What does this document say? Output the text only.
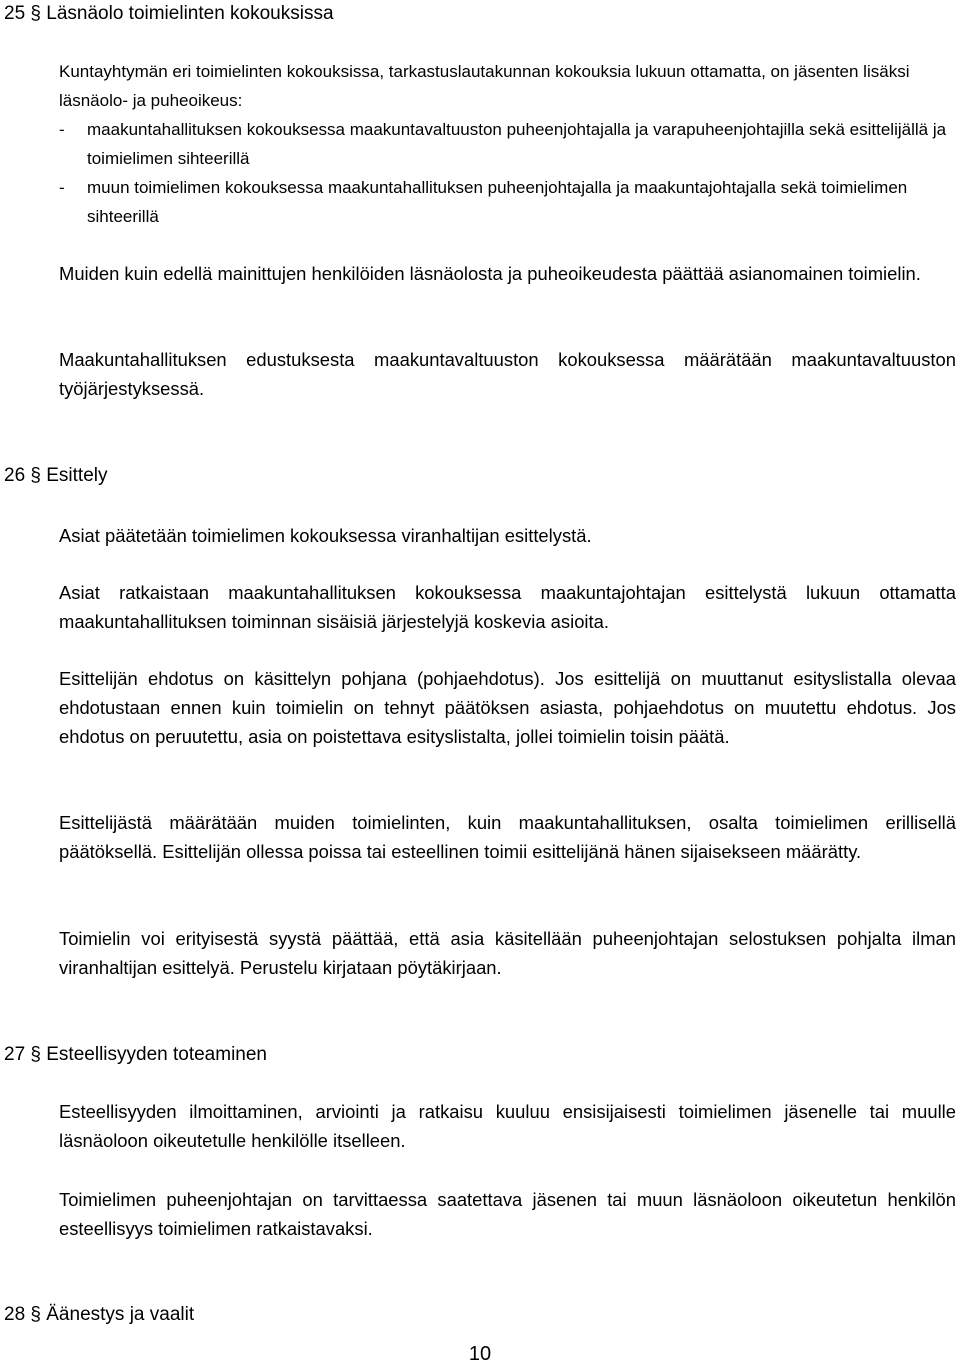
25 § Läsnäolo toimielinten kokouksissa
Kuntayhtymän eri toimielinten kokouksissa, tarkastuslautakunnan kokouksia lukuun ottamatta, on jäsenten lisäksi läsnäolo- ja puheoikeus:
- maakuntahallituksen kokouksessa maakuntavaltuuston puheenjohtajalla ja varapuheenjohtajilla sekä esittelijällä ja toimielimen sihteerillä
- muun toimielimen kokouksessa maakuntahallituksen puheenjohtajalla ja maakuntajohtajalla sekä toimielimen sihteerillä
Muiden kuin edellä mainittujen henkilöiden läsnäolosta ja puheoikeudesta päättää asianomainen toimielin.
Maakuntahallituksen edustuksesta maakuntavaltuuston kokouksessa määrätään maakuntavaltuuston työjärjestyksessä.
26 § Esittely
Asiat päätetään toimielimen kokouksessa viranhaltijan esittelystä.
Asiat ratkaistaan maakuntahallituksen kokouksessa maakuntajohtajan esittelystä lukuun ottamatta maakuntahallituksen toiminnan sisäisiä järjestelyjä koskevia asioita.
Esittelijän ehdotus on käsittelyn pohjana (pohjaehdotus). Jos esittelijä on muuttanut esityslistalla olevaa ehdotustaan ennen kuin toimielin on tehnyt päätöksen asiasta, pohjaehdotus on muutettu ehdotus. Jos ehdotus on peruutettu, asia on poistettava esityslistalta, jollei toimielin toisin päätä.
Esittelijästä määrätään muiden toimielinten, kuin maakuntahallituksen, osalta toimielimen erillisellä päätöksellä. Esittelijän ollessa poissa tai esteellinen toimii esittelijänä hänen sijaisekseen määrätty.
Toimielin voi erityisestä syystä päättää, että asia käsitellään puheenjohtajan selostuksen pohjalta ilman viranhaltijan esittelyä. Perustelu kirjataan pöytäkirjaan.
27 § Esteellisyyden toteaminen
Esteellisyyden ilmoittaminen, arviointi ja ratkaisu kuuluu ensisijaisesti toimielimen jäsenelle tai muulle läsnäoloon oikeutetulle henkilölle itselleen.
Toimielimen puheenjohtajan on tarvittaessa saatettava jäsenen tai muun läsnäoloon oikeutetun henkilön esteellisyys toimielimen ratkaistavaksi.
28 § Äänestys ja vaalit
10
